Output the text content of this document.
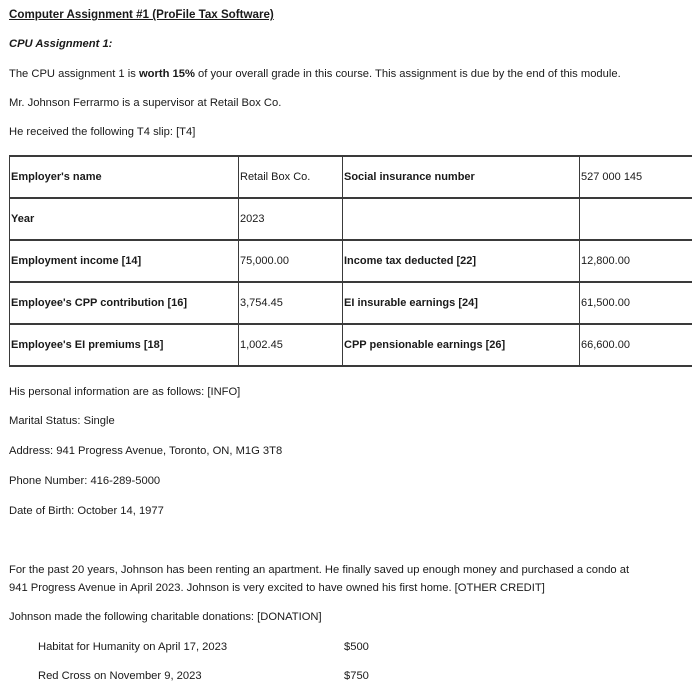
Computer Assignment #1 (ProFile Tax Software)
CPU Assignment 1:
The CPU assignment 1 is worth 15% of your overall grade in this course. This assignment is due by the end of this module.
Mr. Johnson Ferrarmo is a supervisor at Retail Box Co.
He received the following T4 slip: [T4]
Employer's name	Retail Box Co.	Social insurance number	527 000 145
Year	2023		
Employment income [14]	75,000.00	Income tax deducted [22]	12,800.00
Employee's CPP contribution [16]	3,754.45	EI insurable earnings [24]	61,500.00
Employee's EI premiums [18]	1,002.45	CPP pensionable earnings [26]	66,600.00
His personal information are as follows: [INFO]
Marital Status: Single
Address: 941 Progress Avenue, Toronto, ON, M1G 3T8
Phone Number: 416-289-5000
Date of Birth: October 14, 1977
For the past 20 years, Johnson has been renting an apartment. He finally saved up enough money and purchased a condo at
941 Progress Avenue in April 2023. Johnson is very excited to have owned his first home. [OTHER CREDIT]
Johnson made the following charitable donations: [DONATION]
Habitat for Humanity on April 17, 2023	$500
Red Cross on November 9, 2023	$750
